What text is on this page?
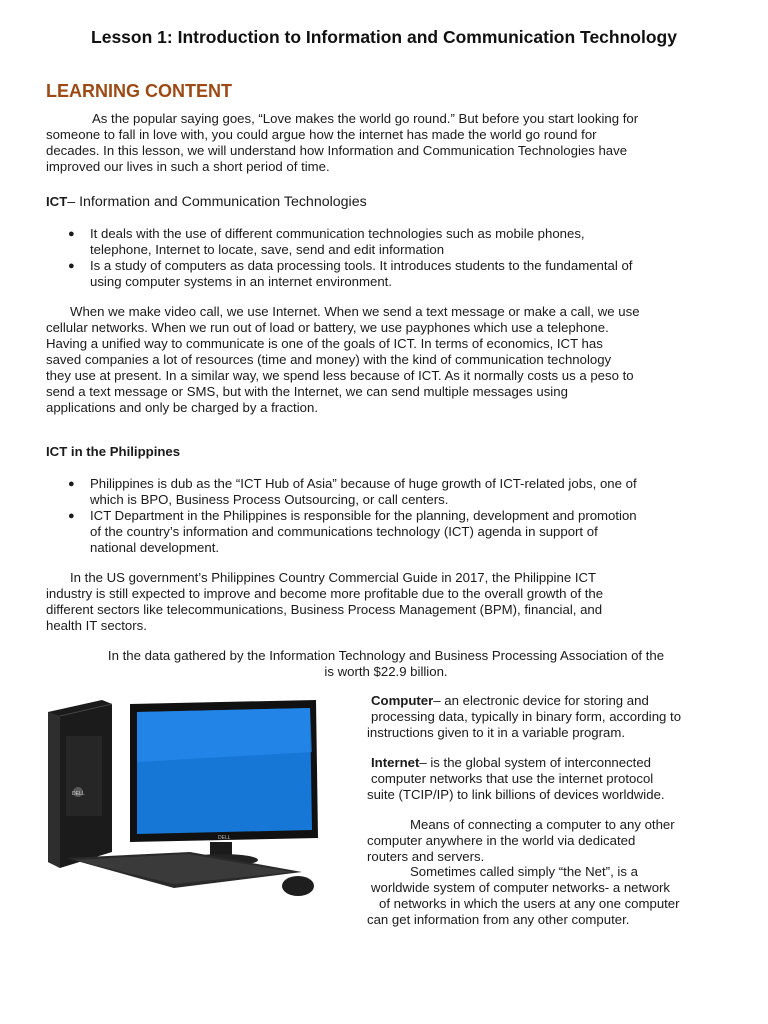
Lesson 1: Introduction to Information and Communication Technology
LEARNING CONTENT
As the popular saying goes, “Love makes the world go round.” But before you start looking for
someone to fall in love with, you could argue how the internet has made the world go round for
decades. In this lesson, we will understand how Information and Communication Technologies have
improved our lives in such a short period of time.
ICT– Information and Communication Technologies
● It deals with the use of different communication technologies such as mobile phones,
telephone, Internet to locate, save, send and edit information
● Is a study of computers as data processing tools. It introduces students to the fundamental of
using computer systems in an internet environment.
When we make video call, we use Internet. When we send a text message or make a call, we use
cellular networks. When we run out of load or battery, we use payphones which use a telephone.
Having a unified way to communicate is one of the goals of ICT. In terms of economics, ICT has
saved companies a lot of resources (time and money) with the kind of communication technology
they use at present. In a similar way, we spend less because of ICT. As it normally costs us a peso to
send a text message or SMS, but with the Internet, we can send multiple messages using
applications and only be charged by a fraction.
ICT in the Philippines
● Philippines is dub as the “ICT Hub of Asia” because of huge growth of ICT-related jobs, one of
which is BPO, Business Process Outsourcing, or call centers.
● ICT Department in the Philippines is responsible for the planning, development and promotion
of the country’s information and communications technology (ICT) agenda in support of
national development.
In the US government’s Philippines Country Commercial Guide in 2017, the Philippine ICT
industry is still expected to improve and become more profitable due to the overall growth of the
different sectors like telecommunications, Business Process Management (BPM), financial, and
health IT sectors.
In the data gathered by the Information Technology and Business Processing Association of the
is worth $22.9 billion.
DELL
DELL

Computer– an electronic device for storing and

processing data, typically in binary form, according to

instructions given to it in a variable program.

Internet– is the global system of interconnected

computer networks that use the internet protocol

suite (TCIP/IP) to link billions of devices worldwide.

Means of connecting a computer to any other

computer anywhere in the world via dedicated

routers and servers.

Sometimes called simply “the Net”, is a

worldwide system of computer networks- a network

of networks in which the users at any one computer

can get information from any other computer.
